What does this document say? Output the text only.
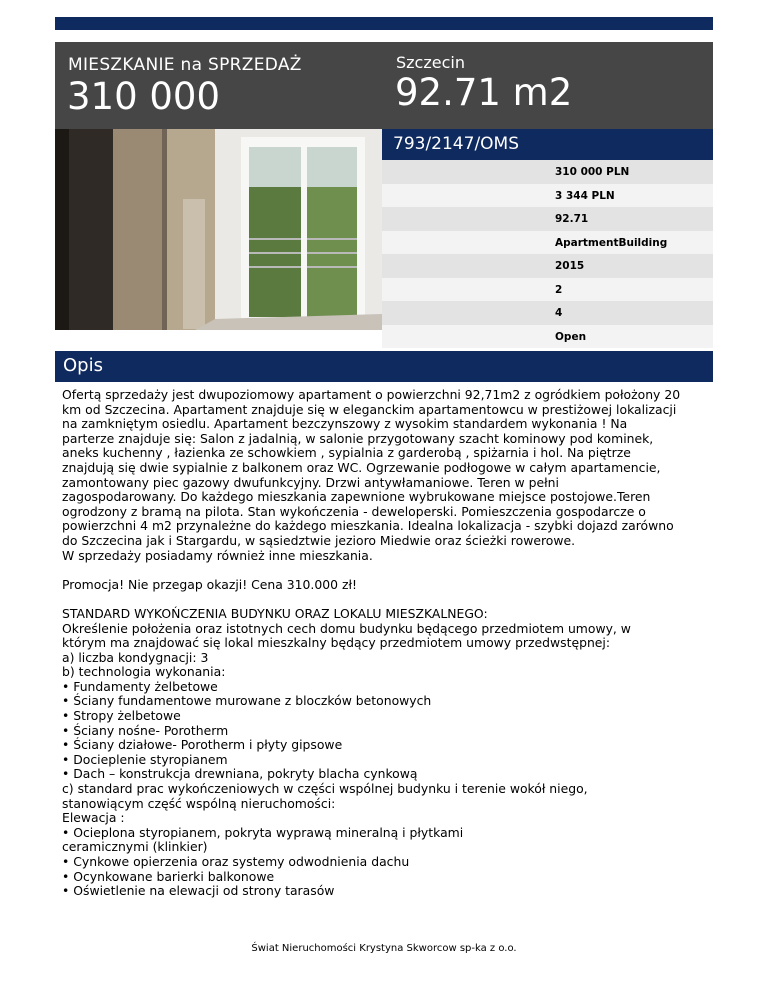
MIESZKANIE na SPRZEDAŻ
310 000
Szczecin
92.71 m2
793/2147/OMS
310 000 PLN
3 344 PLN
92.71
ApartmentBuilding
2015
2
4
Open
Opis
Ofertą sprzedaży jest dwupoziomowy apartament o powierzchni 92,71m2 z ogródkiem położony 20
km od Szczecina. Apartament znajduje się w eleganckim apartamentowcu w prestiżowej lokalizacji
na zamkniętym osiedlu. Apartament bezczynszowy z wysokim standardem wykonania ! Na
parterze znajduje się: Salon z jadalnią, w salonie przygotowany szacht kominowy pod kominek,
aneks kuchenny , łazienka ze schowkiem , sypialnia z garderobą , spiżarnia i hol. Na piętrze
znajdują się dwie sypialnie z balkonem oraz WC. Ogrzewanie podłogowe w całym apartamencie,
zamontowany piec gazowy dwufunkcyjny. Drzwi antywłamaniowe. Teren w pełni
zagospodarowany. Do każdego mieszkania zapewnione wybrukowane miejsce postojowe.Teren
ogrodzony z bramą na pilota. Stan wykończenia - deweloperski. Pomieszczenia gospodarcze o
powierzchni 4 m2 przynależne do każdego mieszkania. Idealna lokalizacja - szybki dojazd zarówno
do Szczecina jak i Stargardu, w sąsiedztwie jezioro Miedwie oraz ścieżki rowerowe.
W sprzedaży posiadamy również inne mieszkania.
Promocja! Nie przegap okazji! Cena 310.000 zł!
STANDARD WYKOŃCZENIA BUDYNKU ORAZ LOKALU MIESZKALNEGO:
Określenie położenia oraz istotnych cech domu budynku będącego przedmiotem umowy, w
którym ma znajdować się lokal mieszkalny będący przedmiotem umowy przedwstępnej:
a) liczba kondygnacji: 3
b) technologia wykonania:
• Fundamenty żelbetowe
• Ściany fundamentowe murowane z bloczków betonowych
• Stropy żelbetowe
• Ściany nośne- Porotherm
• Ściany działowe- Porotherm i płyty gipsowe
• Docieplenie styropianem
• Dach – konstrukcja drewniana, pokryty blacha cynkową
c) standard prac wykończeniowych w części wspólnej budynku i terenie wokół niego,
stanowiącym część wspólną nieruchomości:
Elewacja :
• Ocieplona styropianem, pokryta wyprawą mineralną i płytkami
ceramicznymi (klinkier)
• Cynkowe opierzenia oraz systemy odwodnienia dachu
• Ocynkowane barierki balkonowe
• Oświetlenie na elewacji od strony tarasów
Świat Nieruchomości Krystyna Skworcow sp-ka z o.o.
